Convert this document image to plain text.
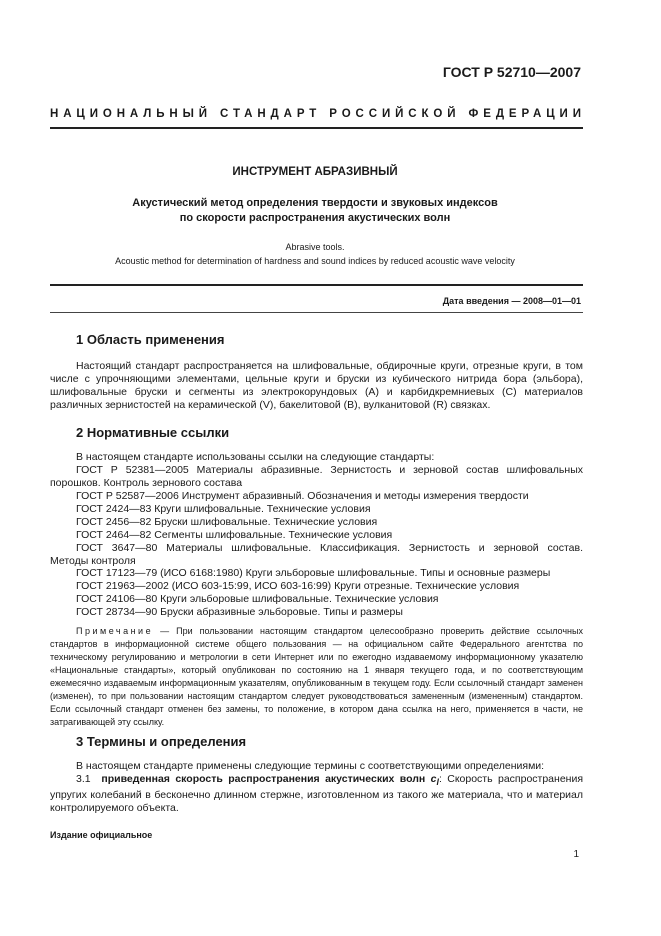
ГОСТ Р 52710—2007
НАЦИОНАЛЬНЫЙ СТАНДАРТ РОССИЙСКОЙ ФЕДЕРАЦИИ
ИНСТРУМЕНТ АБРАЗИВНЫЙ
Акустический метод определения твердости и звуковых индексов
по скорости распространения акустических волн
Abrasive tools.
Acoustic method for determination of hardness and sound indices by reduced acoustic wave velocity
Дата введения — 2008—01—01
1 Область применения
Настоящий стандарт распространяется на шлифовальные, обдирочные круги, отрезные круги, в том числе с упрочняющими элементами, цельные круги и бруски из кубического нитрида бора (эльбора), шлифовальные бруски и сегменты из электрокорундовых (А) и карбидкремниевых (С) материалов различных зернистостей на керамической (V), бакелитовой (В), вулканитовой (R) связках.
2 Нормативные ссылки
В настоящем стандарте использованы ссылки на следующие стандарты:
ГОСТ Р 52381—2005 Материалы абразивные. Зернистость и зерновой состав шлифовальных
порошков. Контроль зернового состава
ГОСТ Р 52587—2006 Инструмент абразивный. Обозначения и методы измерения твердости
ГОСТ 2424—83 Круги шлифовальные. Технические условия
ГОСТ 2456—82 Бруски шлифовальные. Технические условия
ГОСТ 2464—82 Сегменты шлифовальные. Технические условия
ГОСТ 3647—80 Материалы шлифовальные. Классификация. Зернистость и зерновой состав.
Методы контроля
ГОСТ 17123—79 (ИСО 6168:1980) Круги эльборовые шлифовальные. Типы и основные размеры
ГОСТ 21963—2002 (ИСО 603-15:99, ИСО 603-16:99) Круги отрезные. Технические условия
ГОСТ 24106—80 Круги эльборовые шлифовальные. Технические условия
ГОСТ 28734—90 Бруски абразивные эльборовые. Типы и размеры
Примечание — При пользовании настоящим стандартом целесообразно проверить действие ссылочных стандартов в информационной системе общего пользования — на официальном сайте Федерального агентства по техническому регулированию и метрологии в сети Интернет или по ежегодно издаваемому информационному указателю «Национальные стандарты», который опубликован по состоянию на 1 января текущего года, и по соответствующим ежемесячно издаваемым информационным указателям, опубликованным в текущем году. Если ссылочный стандарт заменен (изменен), то при пользовании настоящим стандартом следует руководствоваться замененным (измененным) стандартом. Если ссылочный стандарт отменен без замены, то положение, в котором дана ссылка на него, применяется в части, не затрагивающей эту ссылку.
3 Термины и определения
В настоящем стандарте применены следующие термины с соответствующими определениями:
3.1 приведенная скорость распространения акустических волн $c_l$: Скорость распространения упругих колебаний в бесконечно длинном стержне, изготовленном из такого же материала, что и материал контролируемого объекта.
Издание официальное
1
